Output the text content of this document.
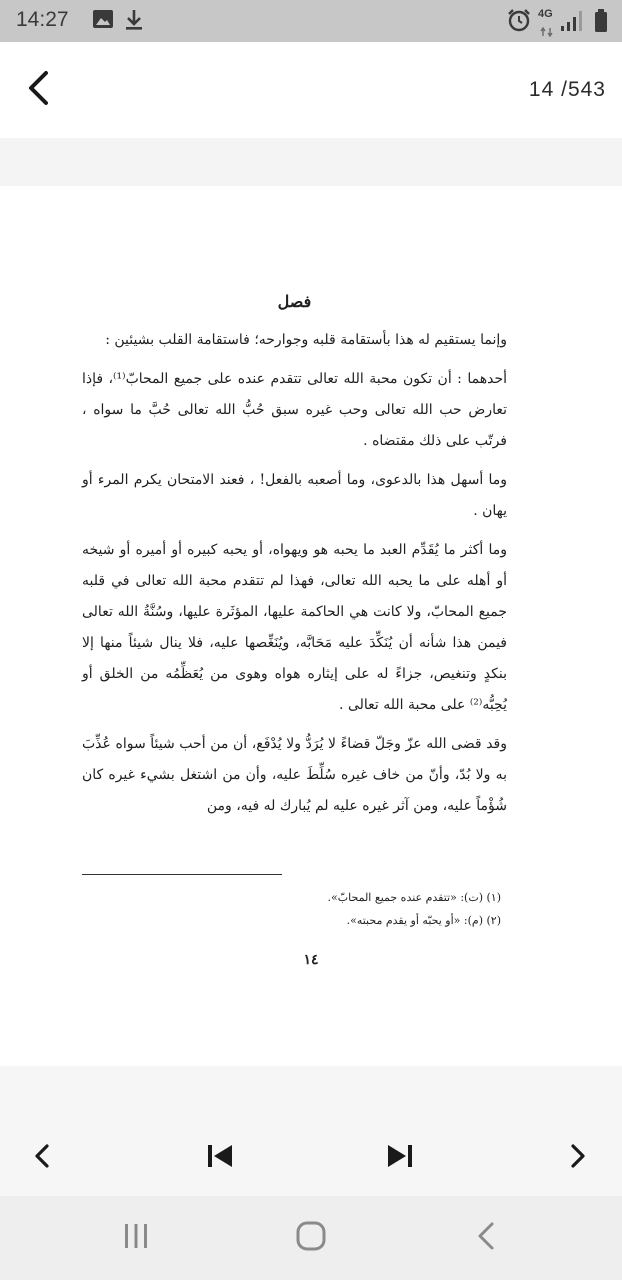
14:27	4G
14 /543
فصل

وإنما يستقيم له هذا بأستقامة قلبه وجوارحه؛ فاستقامة القلب بشيئين :

أحدهما : أن تكون محبة الله تعالى تتقدم عنده على جميع المحابّ⁽¹⁾، فإذا تعارض حب الله تعالى وحب غيره سبق حُبُّ الله تعالى حُبَّ ما سواه ، فرتّب على ذلك مقتضاه .

وما أسهل هذا بالدعوى، وما أصعبه بالفعل! ، فعند الامتحان يكرم المرء أو يهان .

وما أكثر ما يُقَدِّم العبد ما يحبه هو ويهواه، أو يحبه كبيره أو أميره أو شيخه أو أهله على ما يحبه الله تعالى، فهذا لم تتقدم محبة الله تعالى في قلبه جميع المحابّ، ولا كانت هي الحاكمة عليها، المؤثَرة عليها، وسُنَّةُ الله تعالى فيمن هذا شأنه أن يُنَكِّدَ عليه مَحَابَّه، ويُنَغِّصها عليه، فلا ينال شيئاً منها إلا بنكدٍ وتنغيص، جزاءً له على إيثاره هواه وهوى من يُعَظِّمُه من الخلق أو يُحِبُّه⁽²⁾ على محبة الله تعالى .

وقد قضى الله عزّ وجَلّ قضاءً لا يُرَدُّ ولا يُدْفَع، أن من أحب شيئاً سواه عُذِّبَ به ولا بُدّ، وأنّ من خاف غيره سُلِّطَ عليه، وأن من اشتغل بشيء غيره كان شُؤْماً عليه، ومن آثر غيره عليه لم يُبارك له فيه، ومن

(١) (ت): «تتقدم عنده جميع المحابّ».
(٢) (م): «أو يحبّه أو يقدم محبته».
١٤
